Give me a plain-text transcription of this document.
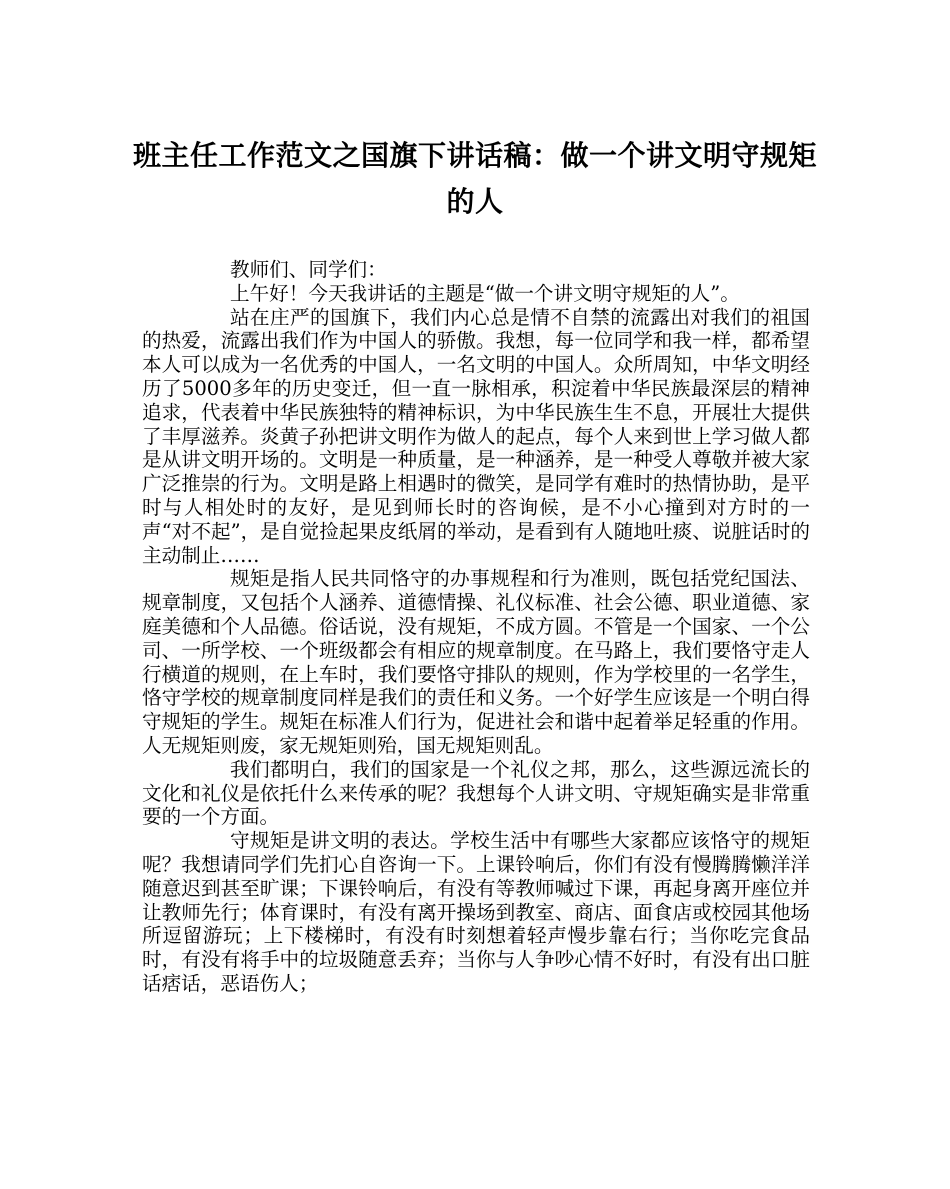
班主任工作范文之国旗下讲话稿：做一个讲文明守规矩的人

教师们、同学们：

上午好！今天我讲话的主题是“做一个讲文明守规矩的人”。

站在庄严的国旗下，我们内心总是情不自禁的流露出对我们的祖国的热爱，流露出我们作为中国人的骄傲。我想，每一位同学和我一样，都希望本人可以成为一名优秀的中国人，一名文明的中国人。众所周知，中华文明经历了5000多年的历史变迁，但一直一脉相承，积淀着中华民族最深层的精神追求，代表着中华民族独特的精神标识，为中华民族生生不息，开展壮大提供了丰厚滋养。炎黄子孙把讲文明作为做人的起点，每个人来到世上学习做人都是从讲文明开场的。文明是一种质量，是一种涵养，是一种受人尊敬并被大家广泛推崇的行为。文明是路上相遇时的微笑，是同学有难时的热情协助，是平时与人相处时的友好，是见到师长时的咨询候，是不小心撞到对方时的一声“对不起”，是自觉捡起果皮纸屑的举动，是看到有人随地吐痰、说脏话时的主动制止……

规矩是指人民共同恪守的办事规程和行为准则，既包括党纪国法、规章制度，又包括个人涵养、道德情操、礼仪标准、社会公德、职业道德、家庭美德和个人品德。俗话说，没有规矩，不成方圆。不管是一个国家、一个公司、一所学校、一个班级都会有相应的规章制度。在马路上，我们要恪守走人行横道的规则，在上车时，我们要恪守排队的规则，作为学校里的一名学生，恪守学校的规章制度同样是我们的责任和义务。一个好学生应该是一个明白得守规矩的学生。规矩在标准人们行为，促进社会和谐中起着举足轻重的作用。人无规矩则废，家无规矩则殆，国无规矩则乱。

我们都明白，我们的国家是一个礼仪之邦，那么，这些源远流长的文化和礼仪是依托什么来传承的呢？我想每个人讲文明、守规矩确实是非常重要的一个方面。

守规矩是讲文明的表达。学校生活中有哪些大家都应该恪守的规矩呢？我想请同学们先扪心自咨询一下。上课铃响后，你们有没有慢腾腾懒洋洋随意迟到甚至旷课；下课铃响后，有没有等教师喊过下课，再起身离开座位并让教师先行；体育课时，有没有离开操场到教室、商店、面食店或校园其他场所逗留游玩；上下楼梯时，有没有时刻想着轻声慢步靠右行；当你吃完食品时，有没有将手中的垃圾随意丢弃；当你与人争吵心情不好时，有没有出口脏话痞话，恶语伤人；
